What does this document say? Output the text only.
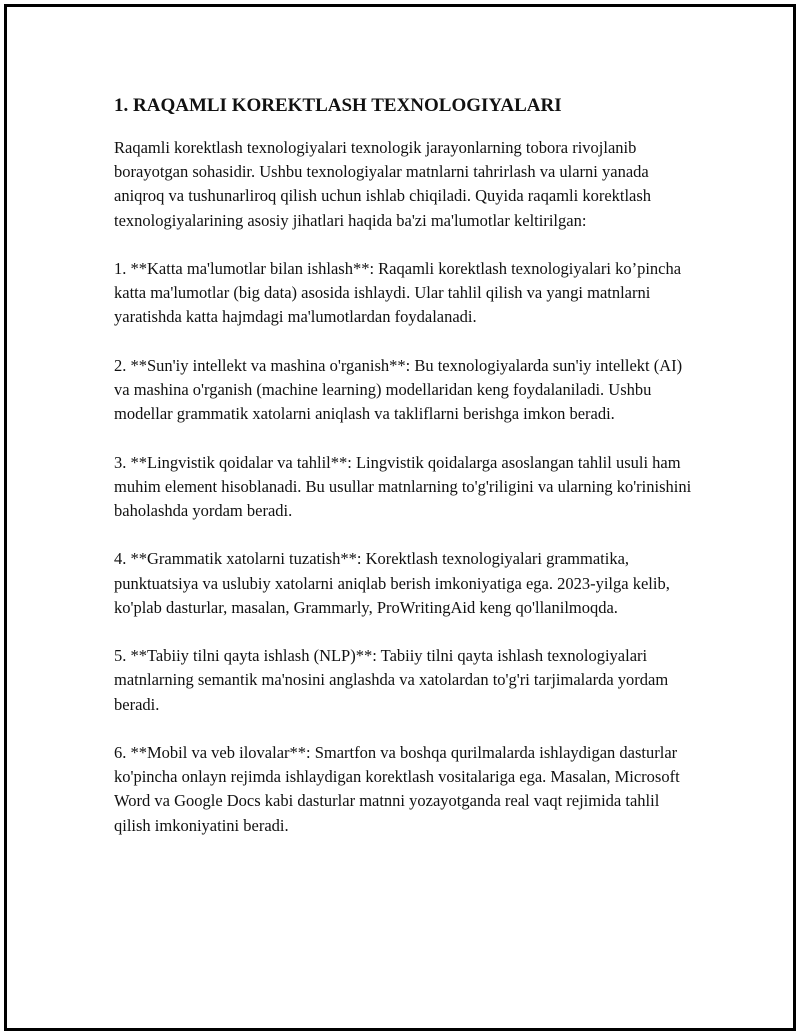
1. RAQAMLI KOREKTLASH TEXNOLOGIYALARI

Raqamli korektlash texnologiyalari texnologik jarayonlarning tobora rivojlanib borayotgan sohasidir. Ushbu texnologiyalar matnlarni tahrirlash va ularni yanada aniqroq va tushunarliroq qilish uchun ishlab chiqiladi. Quyida raqamli korektlash texnologiyalarining asosiy jihatlari haqida ba'zi ma'lumotlar keltirilgan:

1. **Katta ma'lumotlar bilan ishlash**: Raqamli korektlash texnologiyalari ko’pincha katta ma'lumotlar (big data) asosida ishlaydi. Ular tahlil qilish va yangi matnlarni yaratishda katta hajmdagi ma'lumotlardan foydalanadi.

2. **Sun'iy intellekt va mashina o'rganish**: Bu texnologiyalarda sun'iy intellekt (AI) va mashina o'rganish (machine learning) modellaridan keng foydalaniladi. Ushbu modellar grammatik xatolarni aniqlash va takliflarni berishga imkon beradi.

3. **Lingvistik qoidalar va tahlil**: Lingvistik qoidalarga asoslangan tahlil usuli ham muhim element hisoblanadi. Bu usullar matnlarning to'g'riligini va ularning ko'rinishini baholashda yordam beradi.

4. **Grammatik xatolarni tuzatish**: Korektlash texnologiyalari grammatika, punktuatsiya va uslubiy xatolarni aniqlab berish imkoniyatiga ega. 2023-yilga kelib, ko'plab dasturlar, masalan, Grammarly, ProWritingAid keng qo'llanilmoqda.

5. **Tabiiy tilni qayta ishlash (NLP)**: Tabiiy tilni qayta ishlash texnologiyalari matnlarning semantik ma'nosini anglashda va xatolardan to'g'ri tarjimalarda yordam beradi.

6. **Mobil va veb ilovalar**: Smartfon va boshqa qurilmalarda ishlaydigan dasturlar ko'pincha onlayn rejimda ishlaydigan korektlash vositalariga ega. Masalan, Microsoft Word va Google Docs kabi dasturlar matnni yozayotganda real vaqt rejimida tahlil qilish imkoniyatini beradi.
